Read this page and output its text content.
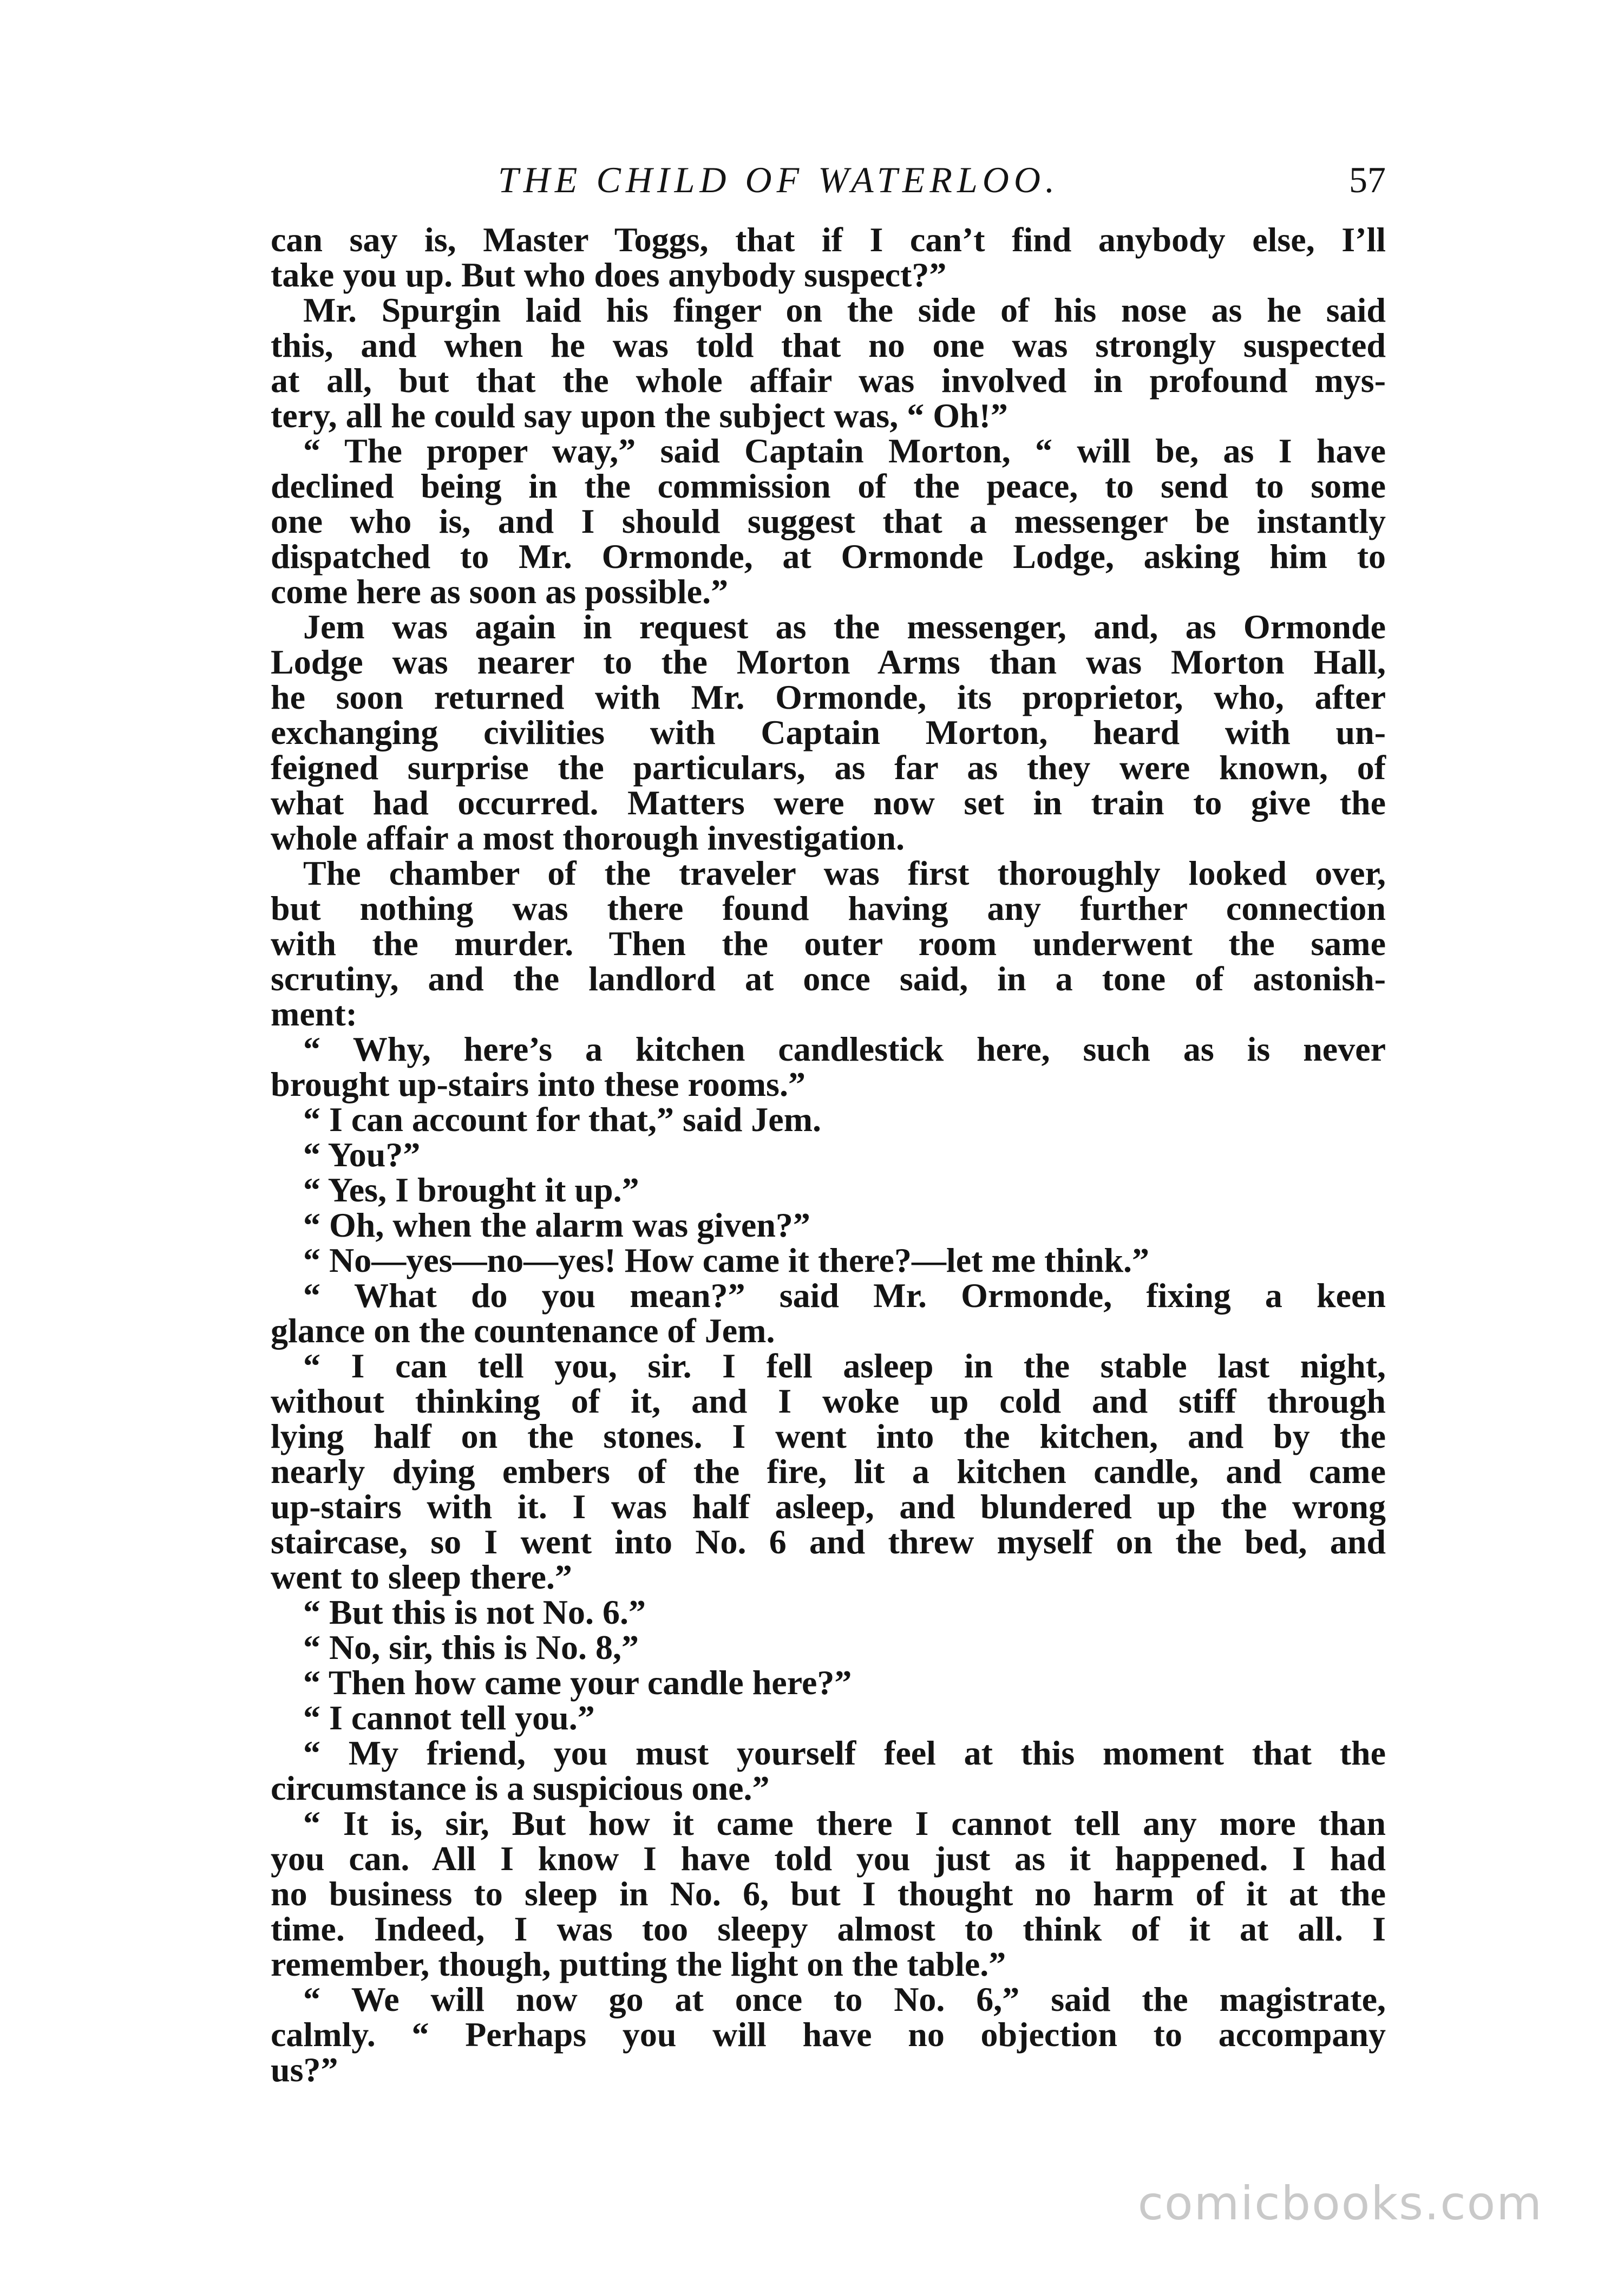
THE CHILD OF WATERLOO.	57
can say is, Master Toggs, that if I can’t find anybody else, I’ll
take you up. But who does anybody suspect?”
Mr. Spurgin laid his finger on the side of his nose as he said
this, and when he was told that no one was strongly suspected
at all, but that the whole affair was involved in profound mys-
tery, all he could say upon the subject was, “ Oh!”
“ The proper way,” said Captain Morton, “ will be, as I have
declined being in the commission of the peace, to send to some
one who is, and I should suggest that a messenger be instantly
dispatched to Mr. Ormonde, at Ormonde Lodge, asking him to
come here as soon as possible.”
Jem was again in request as the messenger, and, as Ormonde
Lodge was nearer to the Morton Arms than was Morton Hall,
he soon returned with Mr. Ormonde, its proprietor, who, after
exchanging civilities with Captain Morton, heard with un-
feigned surprise the particulars, as far as they were known, of
what had occurred. Matters were now set in train to give the
whole affair a most thorough investigation.
The chamber of the traveler was first thoroughly looked over,
but nothing was there found having any further connection
with the murder. Then the outer room underwent the same
scrutiny, and the landlord at once said, in a tone of astonish-
ment:
“ Why, here’s a kitchen candlestick here, such as is never
brought up-stairs into these rooms.”
“ I can account for that,” said Jem.
“ You?”
“ Yes, I brought it up.”
“ Oh, when the alarm was given?”
“ No—yes—no—yes! How came it there?—let me think.”
“ What do you mean?” said Mr. Ormonde, fixing a keen
glance on the countenance of Jem.
“ I can tell you, sir. I fell asleep in the stable last night,
without thinking of it, and I woke up cold and stiff through
lying half on the stones. I went into the kitchen, and by the
nearly dying embers of the fire, lit a kitchen candle, and came
up-stairs with it. I was half asleep, and blundered up the wrong
staircase, so I went into No. 6 and threw myself on the bed, and
went to sleep there.”
“ But this is not No. 6.”
“ No, sir, this is No. 8,”
“ Then how came your candle here?”
“ I cannot tell you.”
“ My friend, you must yourself feel at this moment that the
circumstance is a suspicious one.”
“ It is, sir, But how it came there I cannot tell any more than
you can. All I know I have told you just as it happened. I had
no business to sleep in No. 6, but I thought no harm of it at the
time. Indeed, I was too sleepy almost to think of it at all. I
remember, though, putting the light on the table.”
“ We will now go at once to No. 6,” said the magistrate,
calmly. “ Perhaps you will have no objection to accompany
us?”
comicbooks.com
